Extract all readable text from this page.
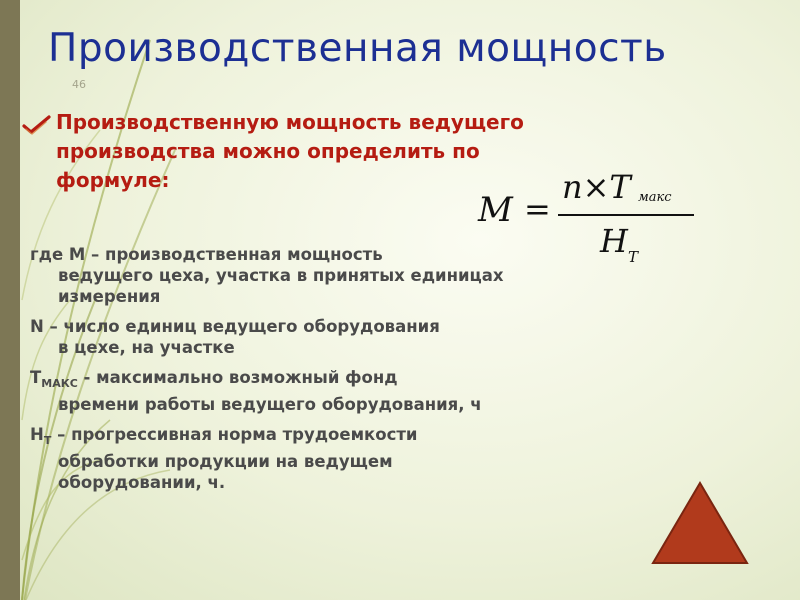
Производственная мощность
46
Производственную мощность ведущего производства можно определить по формуле:
M =
n×T макс
H T
где М – производственная мощность
ведущего цеха, участка в принятых единицах измерения
N – число единиц ведущего оборудования
в цехе, на участке
$Т_{МАКС}$ - максимально возможный фонд
времени работы ведущего оборудования, ч
$Н_Т$ – прогрессивная норма трудоемкости
обработки продукции на ведущем оборудовании, ч.
